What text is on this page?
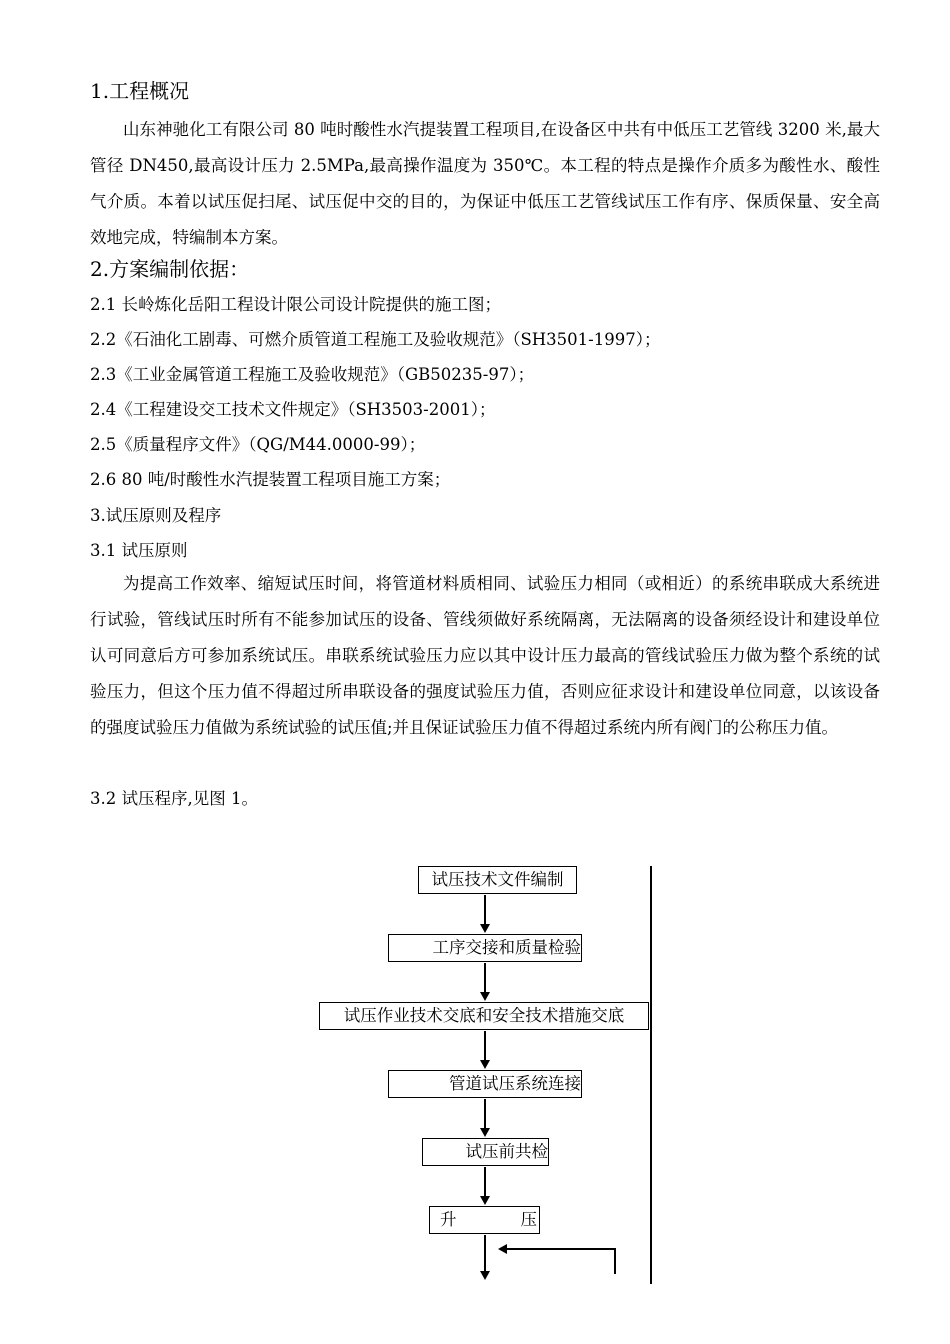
1.工程概况

山东神驰化工有限公司 80 吨时酸性水汽提装置工程项目,在设备区中共有中低压工艺管线 3200 米,最大管径 DN450,最高设计压力 2.5MPa,最高操作温度为 350℃。本工程的特点是操作介质多为酸性水、酸性气介质。本着以试压促扫尾、试压促中交的目的，为保证中低压工艺管线试压工作有序、保质保量、安全高效地完成，特编制本方案。

2.方案编制依据：
2.1 长岭炼化岳阳工程设计限公司设计院提供的施工图；
2.2《石油化工剧毒、可燃介质管道工程施工及验收规范》（SH3501-1997）；
2.3《工业金属管道工程施工及验收规范》（GB50235-97）；
2.4《工程建设交工技术文件规定》（SH3503-2001）；
2.5《质量程序文件》（QG/M44.0000-99）；
2.6 80 吨/时酸性水汽提装置工程项目施工方案；
3.试压原则及程序
3.1 试压原则

为提高工作效率、缩短试压时间，将管道材料质相同、试验压力相同（或相近）的系统串联成大系统进行试验，管线试压时所有不能参加试压的设备、管线须做好系统隔离，无法隔离的设备须经设计和建设单位认可同意后方可参加系统试压。串联系统试验压力应以其中设计压力最高的管线试验压力做为整个系统的试验压力，但这个压力值不得超过所串联设备的强度试验压力值，否则应征求设计和建设单位同意，以该设备的强度试验压力值做为系统试验的试压值;并且保证试验压力值不得超过系统内所有阀门的公称压力值。

3.2 试压程序,见图 1。
试压技术文件编制
工序交接和质量检验
试压作业技术交底和安全技术措施交底
管道试压系统连接
试压前共检
升	压
